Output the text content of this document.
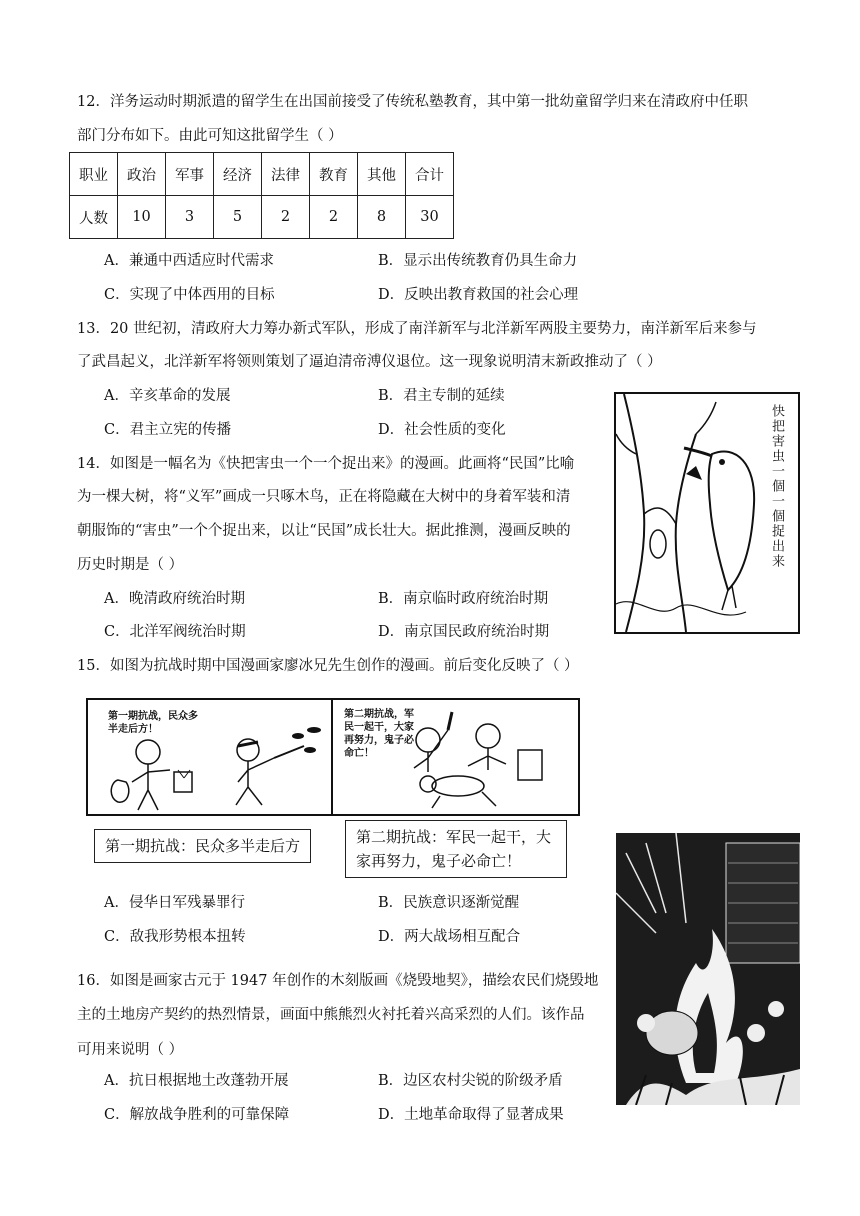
12．洋务运动时期派遣的留学生在出国前接受了传统私塾教育，其中第一批幼童留学归来在清政府中任职
部门分布如下。由此可知这批留学生（ ）
职业	政治	军事	经济	法律	教育	其他	合计
人数	10	3	5	2	2	8	30
A．兼通中西适应时代需求	B．显示出传统教育仍具生命力
C．实现了中体西用的目标	D．反映出教育救国的社会心理
13．20 世纪初，清政府大力筹办新式军队，形成了南洋新军与北洋新军两股主要势力，南洋新军后来参与
了武昌起义，北洋新军将领则策划了逼迫清帝溥仪退位。这一现象说明清末新政推动了（ ）
A．辛亥革命的发展	B．君主专制的延续
C．君主立宪的传播	D．社会性质的变化	快把害虫一個一個捉出来
14．如图是一幅名为《快把害虫一个一个捉出来》的漫画。此画将“民国”比喻
为一棵大树，将“义军”画成一只啄木鸟，正在将隐藏在大树中的身着军装和清
朝服饰的“害虫”一个个捉出来，以让“民国”成长壮大。据此推测，漫画反映的
历史时期是（ ）
A．晚清政府统治时期	B．南京临时政府统治时期
C．北洋军阀统治时期	D．南京国民政府统治时期
15．如图为抗战时期中国漫画家廖冰兄先生创作的漫画。前后变化反映了（ ）
第一期抗战，民众多半走后方！
第二期抗战，军民一起干，大家再努力，鬼子必命亡！
第一期抗战：民众多半走后方	第二期抗战：军民一起干，大
家再努力，鬼子必命亡！
A．侵华日军残暴罪行	B．民族意识逐渐觉醒
C．敌我形势根本扭转	D．两大战场相互配合
16．如图是画家古元于 1947 年创作的木刻版画《烧毁地契》，描绘农民们烧毁地
主的土地房产契约的热烈情景，画面中熊熊烈火衬托着兴高采烈的人们。该作品
可用来说明（ ）
A．抗日根据地土改蓬勃开展	B．边区农村尖锐的阶级矛盾
C．解放战争胜利的可靠保障	D．土地革命取得了显著成果
